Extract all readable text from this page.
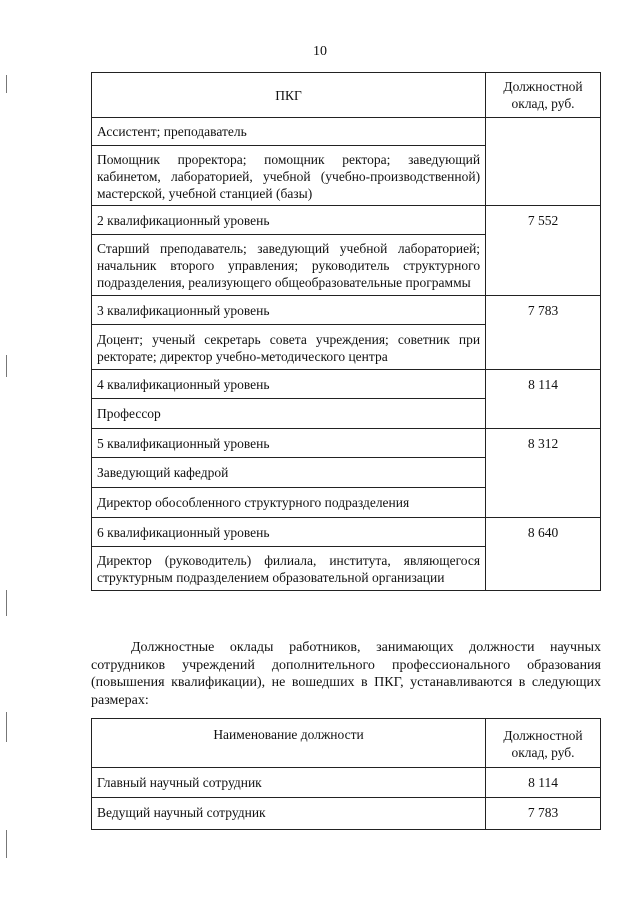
10
ПКГ	Должностной оклад, руб.
Ассистент; преподаватель	
Помощник проректора; помощник ректора; заведующий кабинетом, лабораторией, учебной (учебно-производственной) мастерской, учебной станцией (базы)	
2 квалификационный уровень	7 552
Старший преподаватель; заведующий учебной лабораторией; начальник второго управления; руководитель структурного подразделения, реализующего общеобразовательные программы	
3 квалификационный уровень	7 783
Доцент; ученый секретарь совета учреждения; советник при ректорате; директор учебно-методического центра	
4 квалификационный уровень	8 114
Профессор	
5 квалификационный уровень	8 312
Заведующий кафедрой	
Директор обособленного структурного подразделения	
6 квалификационный уровень	8 640
Директор (руководитель) филиала, института, являющегося структурным подразделением образовательной организации	
Должностные оклады работников, занимающих должности научных сотрудников учреждений дополнительного профессионального образования (повышения квалификации), не вошедших в ПКГ, устанавливаются в следующих размерах:
Наименование должности	Должностной оклад, руб.
Главный научный сотрудник	8 114
Ведущий научный сотрудник	7 783
